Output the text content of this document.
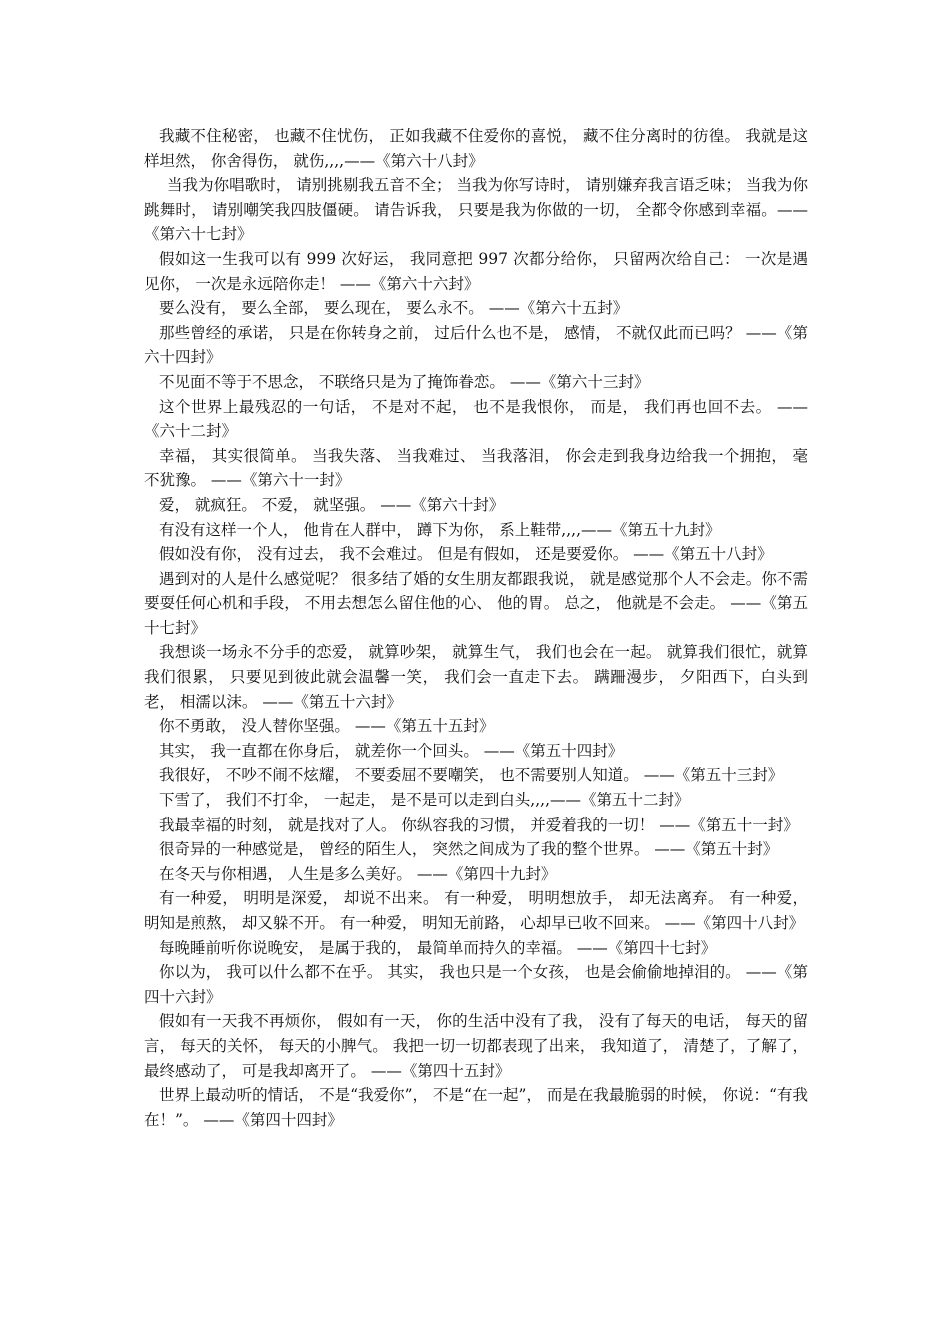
我藏不住秘密， 也藏不住忧伤， 正如我藏不住爱你的喜悦， 藏不住分离时的彷徨。 我就是这样坦然， 你舍得伤， 就伤,,,,——《第六十八封》

当我为你唱歌时， 请别挑剔我五音不全； 当我为你写诗时， 请别嫌弃我言语乏味； 当我为你跳舞时， 请别嘲笑我四肢僵硬。 请告诉我， 只要是我为你做的一切， 全都令你感到幸福。——《第六十七封》

假如这一生我可以有 999 次好运， 我同意把 997 次都分给你， 只留两次给自己： 一次是遇见你， 一次是永远陪你走！ ——《第六十六封》

要么没有， 要么全部， 要么现在， 要么永不。 ——《第六十五封》

那些曾经的承诺， 只是在你转身之前， 过后什么也不是， 感情， 不就仅此而已吗？ ——《第六十四封》

不见面不等于不思念， 不联络只是为了掩饰眷恋。 ——《第六十三封》

这个世界上最残忍的一句话， 不是对不起， 也不是我恨你， 而是， 我们再也回不去。 ——《六十二封》

幸福， 其实很简单。 当我失落、 当我难过、 当我落泪， 你会走到我身边给我一个拥抱， 毫不犹豫。 ——《第六十一封》

爱， 就疯狂。 不爱， 就坚强。 ——《第六十封》

有没有这样一个人， 他肯在人群中， 蹲下为你， 系上鞋带,,,,——《第五十九封》

假如没有你， 没有过去， 我不会难过。 但是有假如， 还是要爱你。 ——《第五十八封》

遇到对的人是什么感觉呢？ 很多结了婚的女生朋友都跟我说， 就是感觉那个人不会走。你不需要耍任何心机和手段， 不用去想怎么留住他的心、 他的胃。 总之， 他就是不会走。 ——《第五十七封》

我想谈一场永不分手的恋爱， 就算吵架， 就算生气， 我们也会在一起。 就算我们很忙，就算我们很累， 只要见到彼此就会温馨一笑， 我们会一直走下去。 蹒跚漫步， 夕阳西下，白头到老， 相濡以沫。 ——《第五十六封》

你不勇敢， 没人替你坚强。 ——《第五十五封》

其实， 我一直都在你身后， 就差你一个回头。 ——《第五十四封》

我很好， 不吵不闹不炫耀， 不要委屈不要嘲笑， 也不需要别人知道。 ——《第五十三封》

下雪了， 我们不打伞， 一起走， 是不是可以走到白头,,,,——《第五十二封》

我最幸福的时刻， 就是找对了人。 你纵容我的习惯， 并爱着我的一切！ ——《第五十一封》

很奇异的一种感觉是， 曾经的陌生人， 突然之间成为了我的整个世界。 ——《第五十封》

在冬天与你相遇， 人生是多么美好。 ——《第四十九封》

有一种爱， 明明是深爱， 却说不出来。 有一种爱， 明明想放手， 却无法离弃。 有一种爱，明知是煎熬， 却又躲不开。 有一种爱， 明知无前路， 心却早已收不回来。 ——《第四十八封》

每晚睡前听你说晚安， 是属于我的， 最简单而持久的幸福。 ——《第四十七封》

你以为， 我可以什么都不在乎。 其实， 我也只是一个女孩， 也是会偷偷地掉泪的。 ——《第四十六封》

假如有一天我不再烦你， 假如有一天， 你的生活中没有了我， 没有了每天的电话， 每天的留言， 每天的关怀， 每天的小脾气。 我把一切一切都表现了出来， 我知道了， 清楚了，了解了， 最终感动了， 可是我却离开了。 ——《第四十五封》

世界上最动听的情话， 不是“我爱你”， 不是“在一起”， 而是在我最脆弱的时候， 你说：“有我在！”。 ——《第四十四封》
